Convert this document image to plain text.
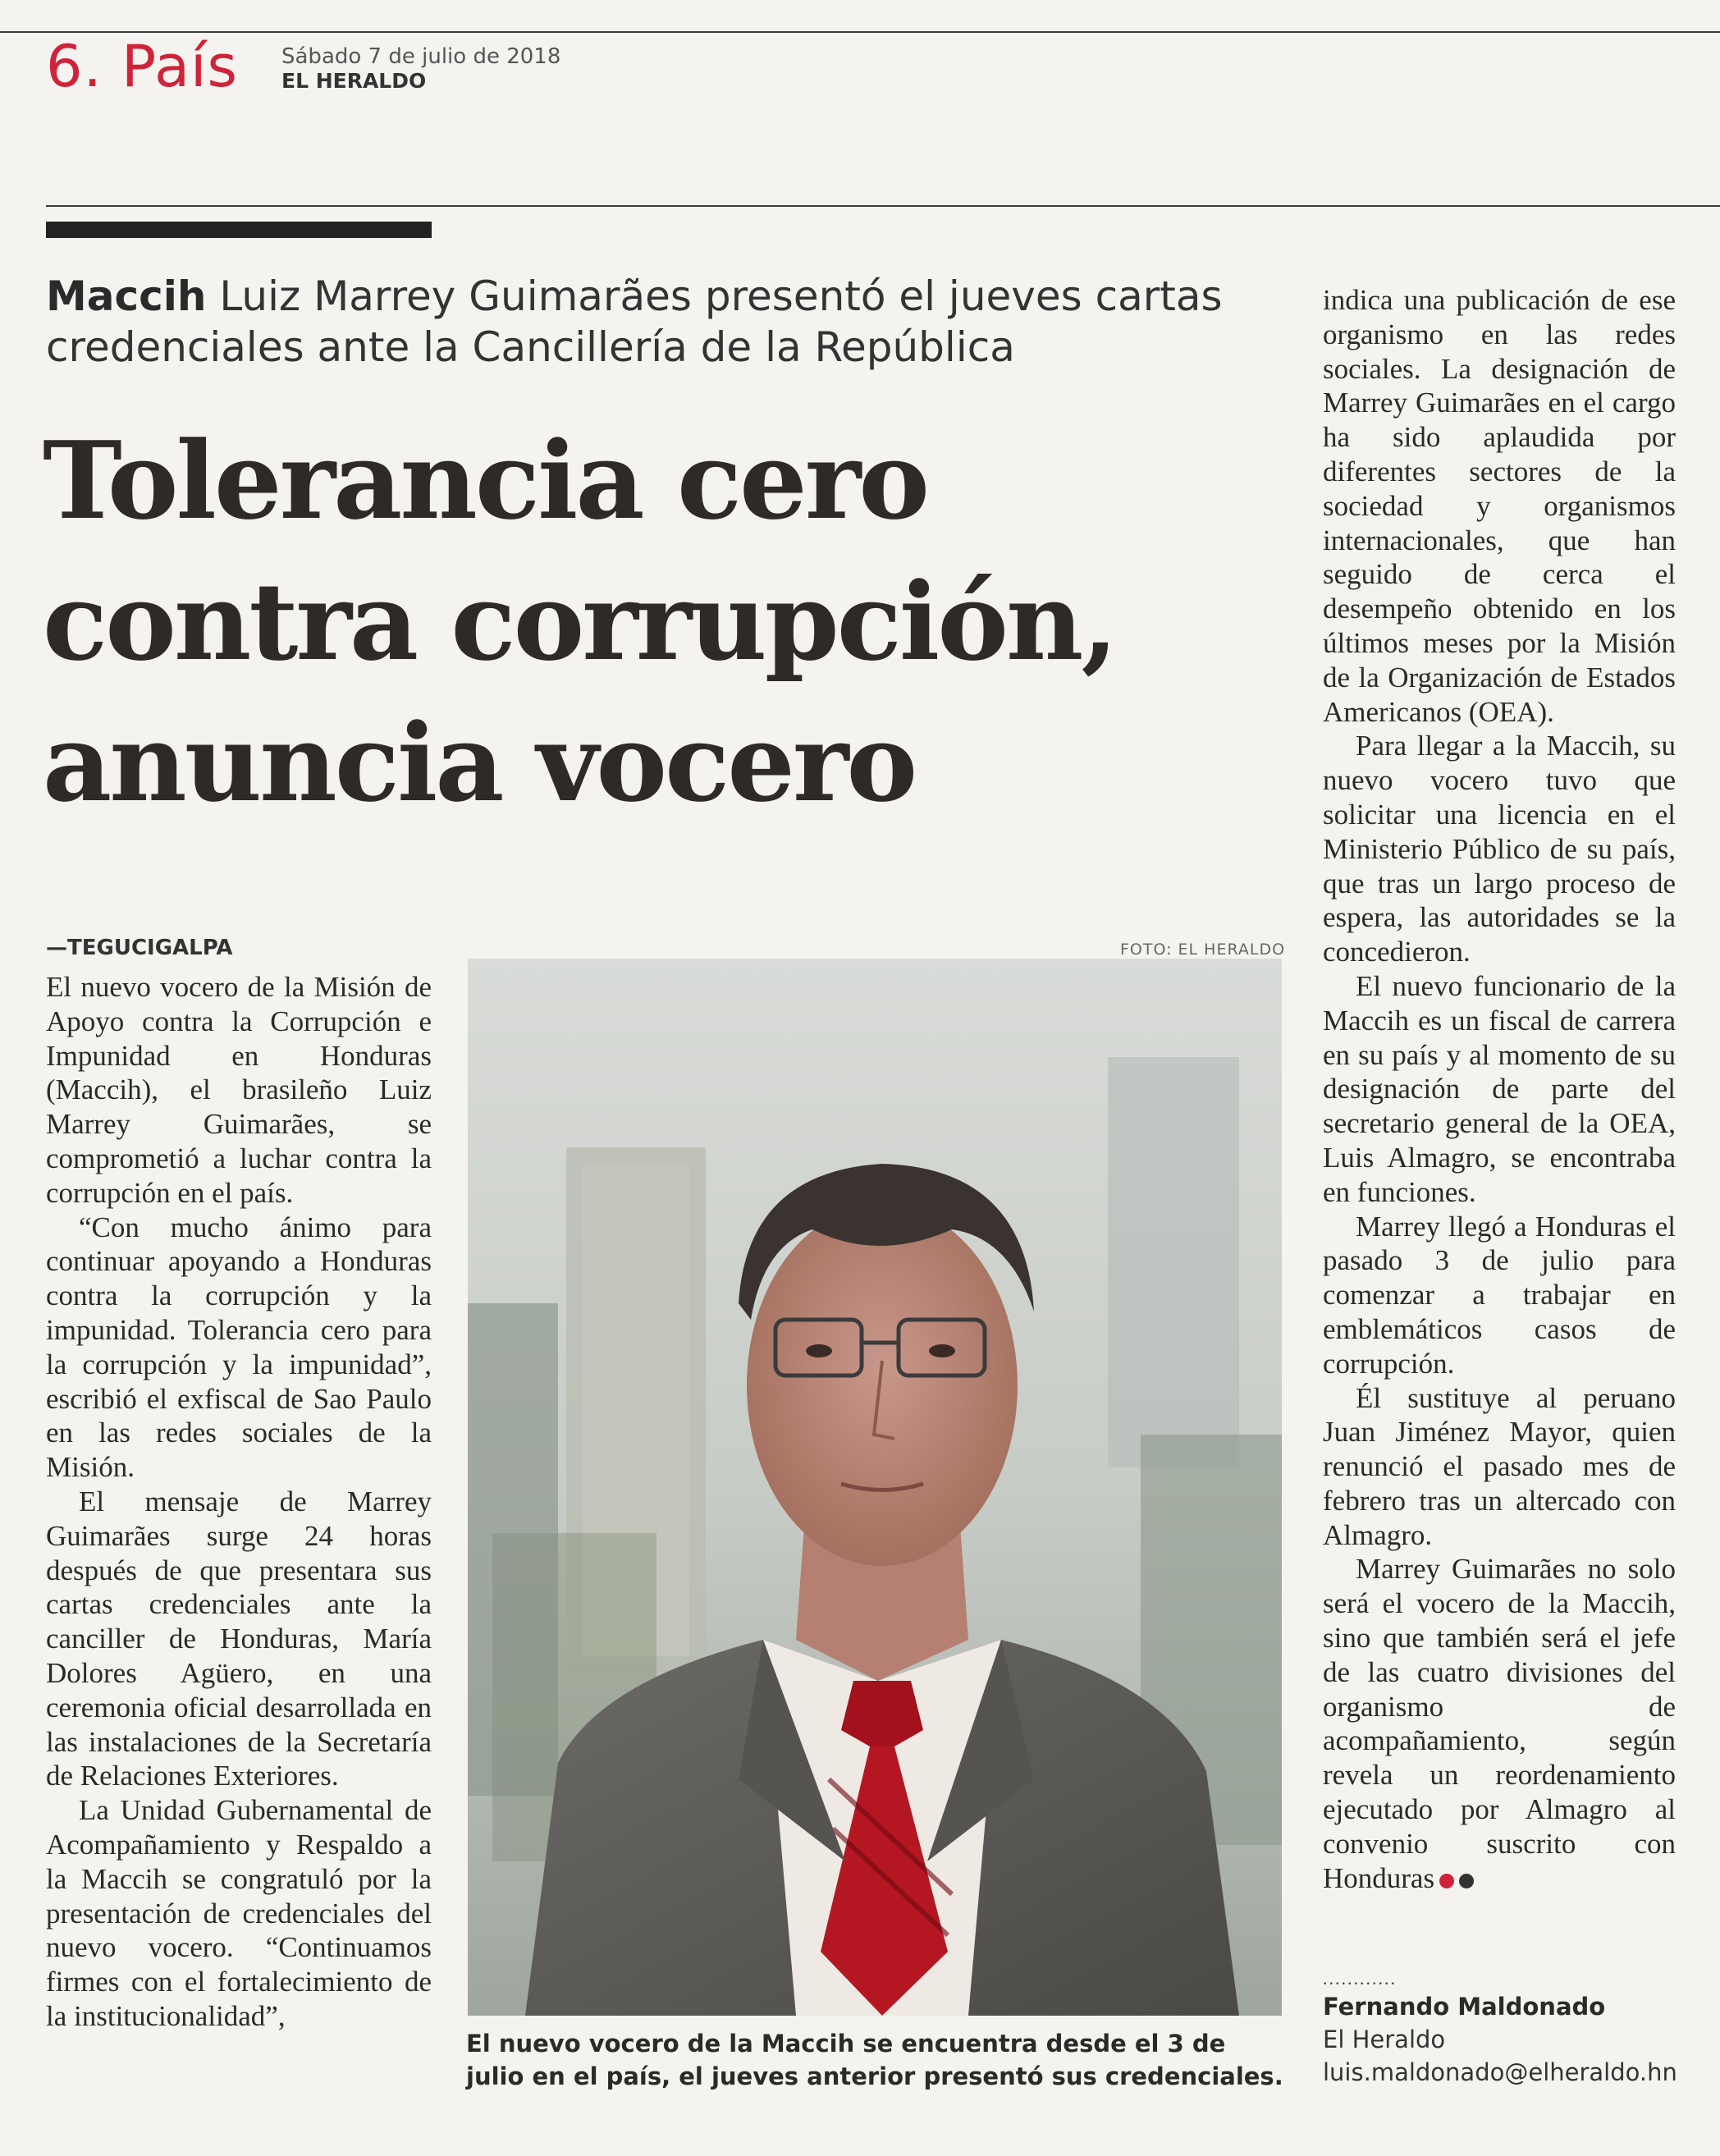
6. País Sábado 7 de julio de 2018
EL HERALDO
Maccih Luiz Marrey Guimarães presentó el jueves cartas credenciales ante la Cancillería de la República
Tolerancia cero
contra corrupción,
anuncia vocero
—TEGUCIGALPA	FOTO: EL HERALDO

El nuevo vocero de la Misión de Apoyo contra la Corrupción e Impunidad en Honduras (Maccih), el brasileño Luiz Marrey Guimarães, se comprometió a luchar contra la corrupción en el país.

“Con mucho ánimo para continuar apoyando a Honduras contra la corrupción y la impunidad. Tolerancia cero para la corrupción y la impunidad”, escribió el exfiscal de Sao Paulo en las redes sociales de la Misión.

El mensaje de Marrey Guimarães surge 24 horas después de que presentara sus cartas credenciales ante la canciller de Honduras, María Dolores Agüero, en una ceremonia oficial desarrollada en las instalaciones de la Secretaría de Relaciones Exteriores.

La Unidad Gubernamental de Acompañamiento y Respaldo a la Maccih se congratuló por la presentación de credenciales del nuevo vocero. “Continuamos firmes con el fortalecimiento de la institucionalidad”,

El nuevo vocero de la Maccih se encuentra desde el 3 de julio en el país, el jueves anterior presentó sus credenciales.

indica una publicación de ese organismo en las redes sociales. La designación de Marrey Guimarães en el cargo ha sido aplaudida por diferentes sectores de la sociedad y organismos internacionales, que han seguido de cerca el desempeño obtenido en los últimos meses por la Misión de la Organización de Estados Americanos (OEA).

Para llegar a la Maccih, su nuevo vocero tuvo que solicitar una licencia en el Ministerio Público de su país, que tras un largo proceso de espera, las autoridades se la concedieron.

El nuevo funcionario de la Maccih es un fiscal de carrera en su país y al momento de su designación de parte del secretario general de la OEA, Luis Almagro, se encontraba en funciones.

Marrey llegó a Honduras el pasado 3 de julio para comenzar a trabajar en emblemáticos casos de corrupción.

Él sustituye al peruano Juan Jiménez Mayor, quien renunció el pasado mes de febrero tras un altercado con Almagro.

Marrey Guimarães no solo será el vocero de la Maccih, sino que también será el jefe de las cuatro divisiones del organismo de acompañamiento, según revela un reordenamiento ejecutado por Almagro al convenio suscrito con Honduras

............
Fernando Maldonado
El Heraldo
luis.maldonado@elheraldo.hn
